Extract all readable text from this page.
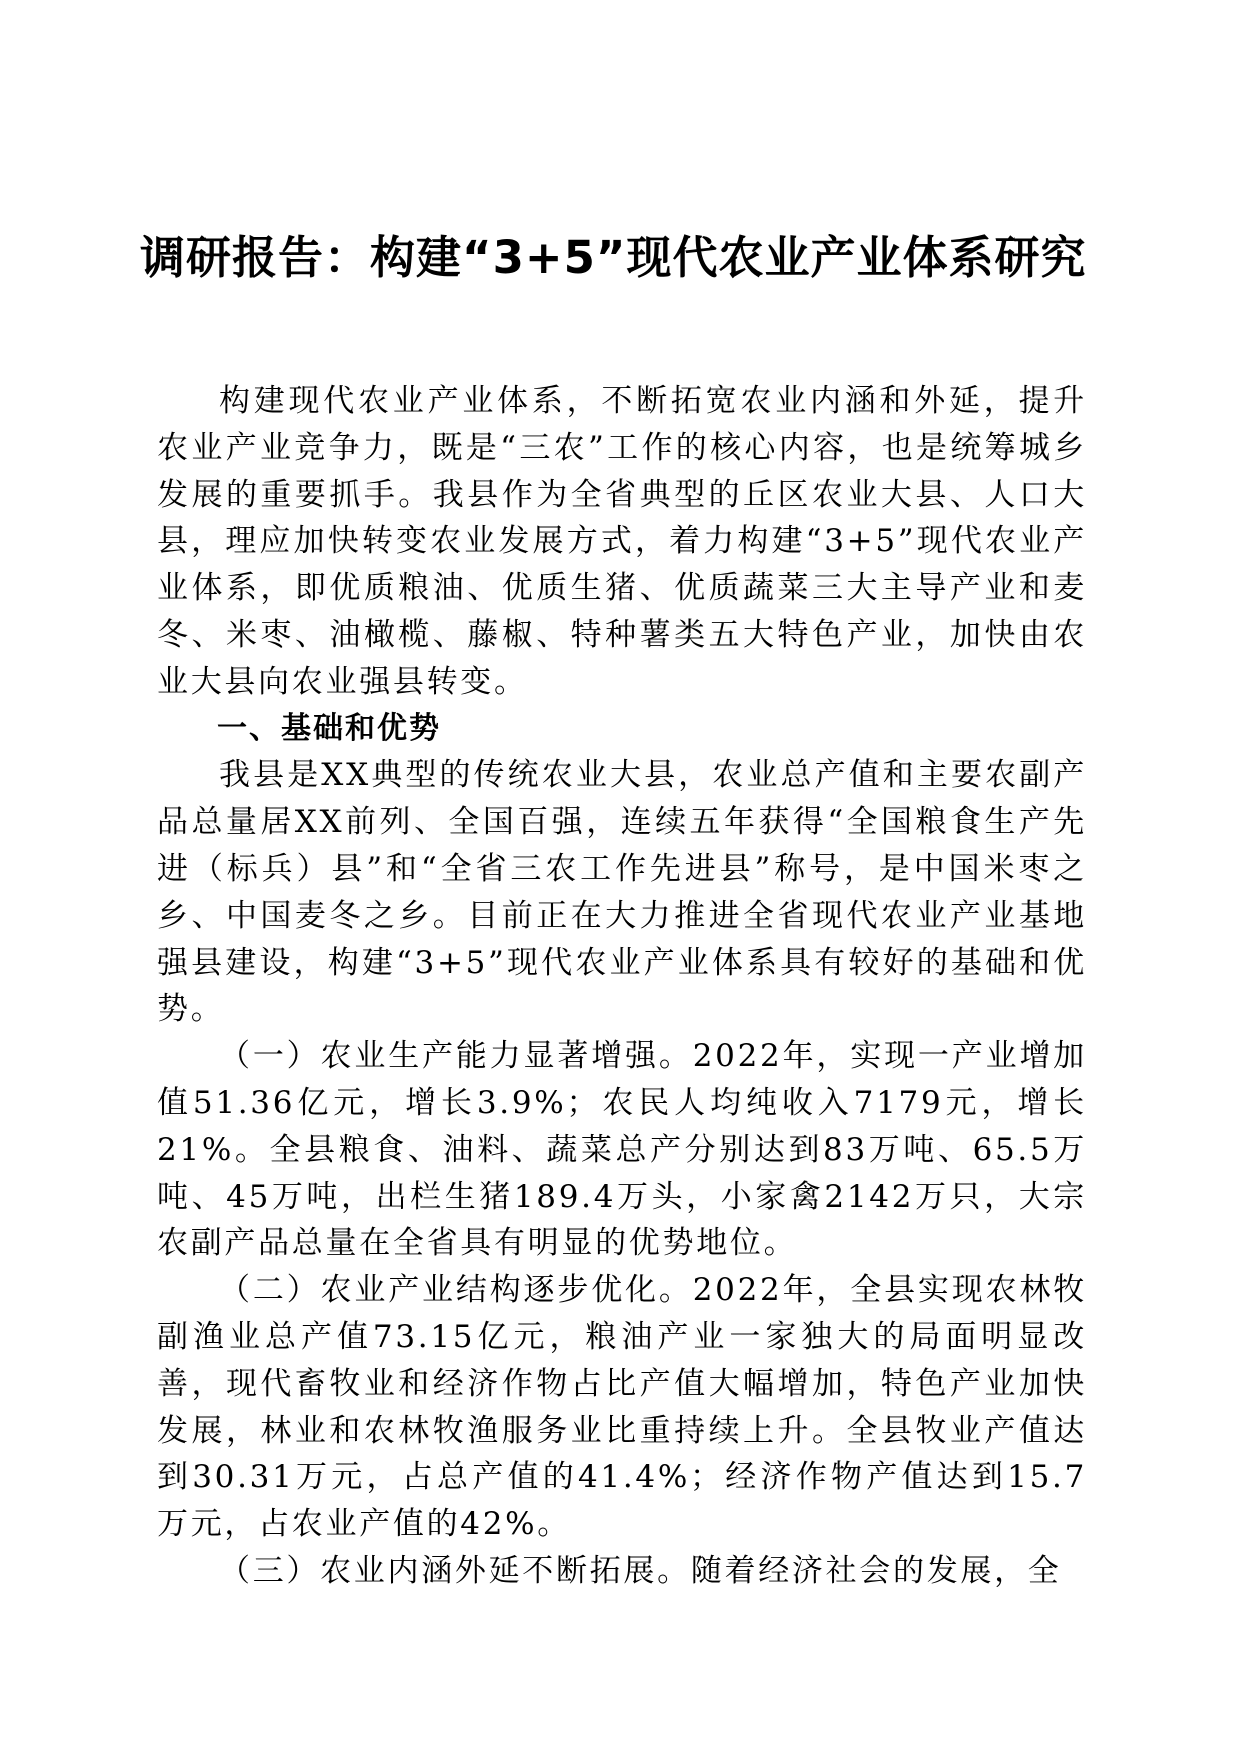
调研报告：构建“3+5”现代农业产业体系研究

构建现代农业产业体系，不断拓宽农业内涵和外延，提升农业产业竞争力，既是“三农”工作的核心内容，也是统筹城乡发展的重要抓手。我县作为全省典型的丘区农业大县、人口大县，理应加快转变农业发展方式，着力构建“3+5”现代农业产业体系，即优质粮油、优质生猪、优质蔬菜三大主导产业和麦冬、米枣、油橄榄、藤椒、特种薯类五大特色产业，加快由农业大县向农业强县转变。

一、基础和优势

我县是XX典型的传统农业大县，农业总产值和主要农副产品总量居XX前列、全国百强，连续五年获得“全国粮食生产先进（标兵）县”和“全省三农工作先进县”称号，是中国米枣之乡、中国麦冬之乡。目前正在大力推进全省现代农业产业基地强县建设，构建“3+5”现代农业产业体系具有较好的基础和优势。

（一）农业生产能力显著增强。2022年，实现一产业增加值51.36亿元，增长3.9%；农民人均纯收入7179元，增长21%。全县粮食、油料、蔬菜总产分别达到83万吨、65.5万吨、45万吨，出栏生猪189.4万头，小家禽2142万只，大宗农副产品总量在全省具有明显的优势地位。

（二）农业产业结构逐步优化。2022年，全县实现农林牧副渔业总产值73.15亿元，粮油产业一家独大的局面明显改善，现代畜牧业和经济作物占比产值大幅增加，特色产业加快发展，林业和农林牧渔服务业比重持续上升。全县牧业产值达到30.31万元，占总产值的41.4%；经济作物产值达到15.7万元，占农业产值的42%。

（三）农业内涵外延不断拓展。随着经济社会的发展，全
